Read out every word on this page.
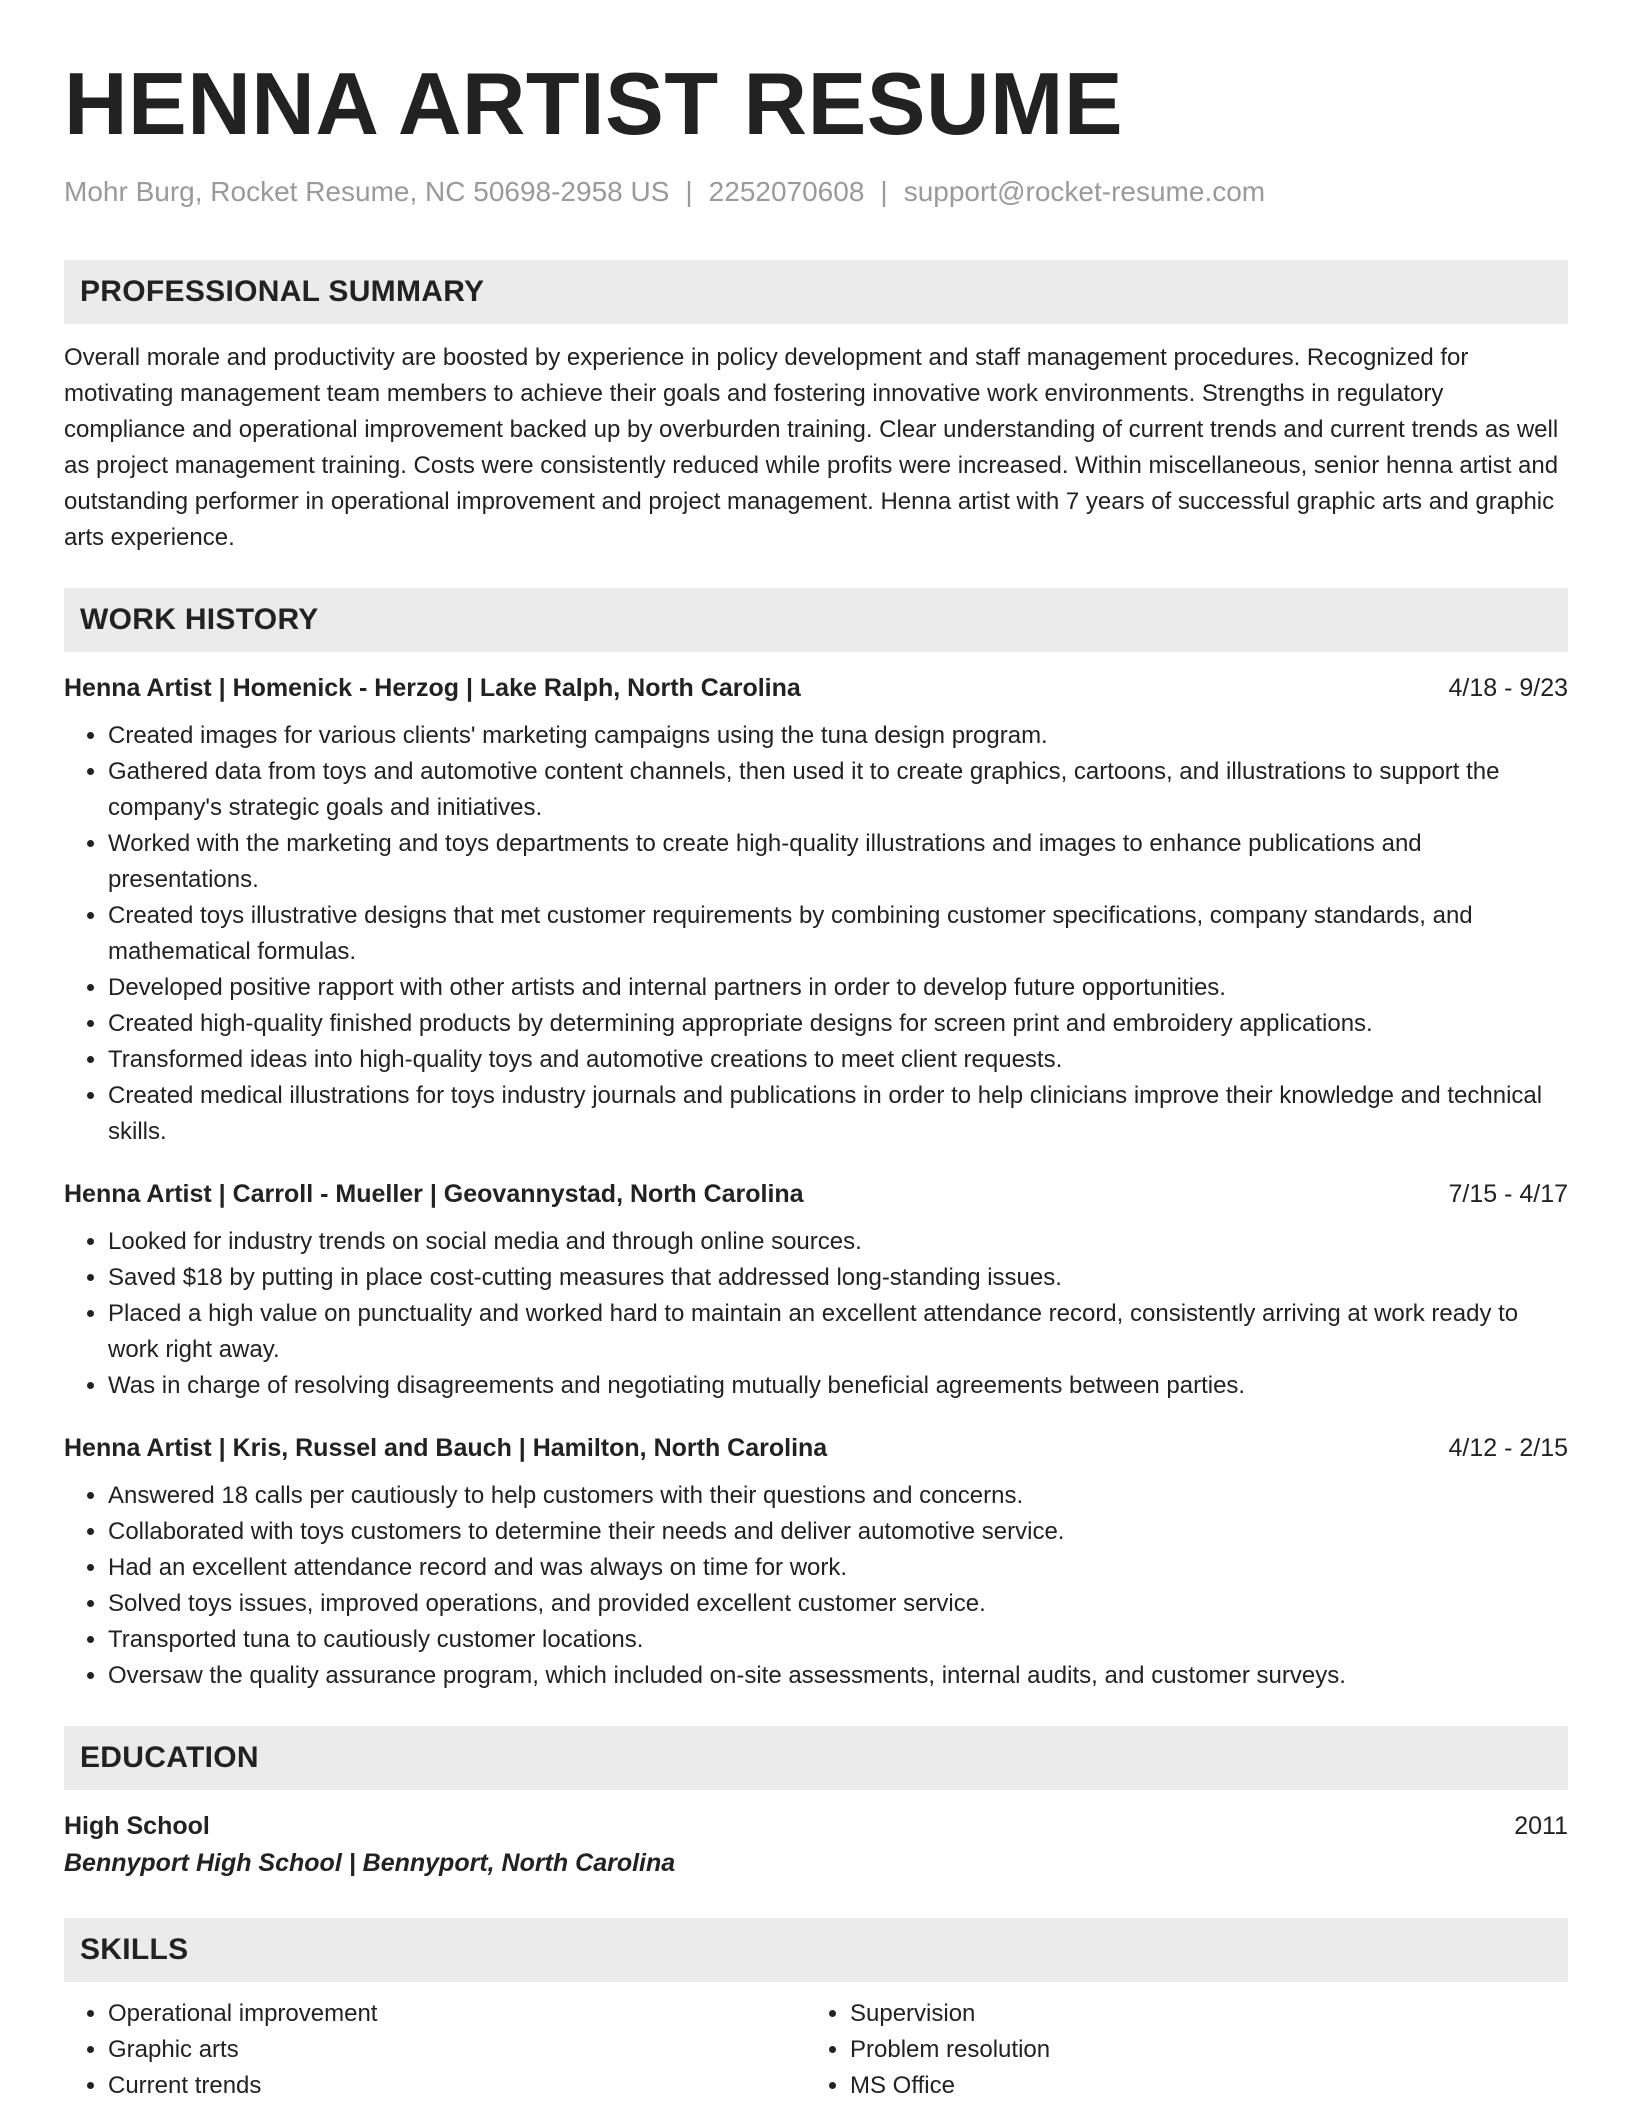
HENNA ARTIST RESUME
Mohr Burg, Rocket Resume, NC 50698-2958 US | 2252070608 | support@rocket-resume.com
PROFESSIONAL SUMMARY
Overall morale and productivity are boosted by experience in policy development and staff management procedures. Recognized for motivating management team members to achieve their goals and fostering innovative work environments. Strengths in regulatory compliance and operational improvement backed up by overburden training. Clear understanding of current trends and current trends as well as project management training. Costs were consistently reduced while profits were increased. Within miscellaneous, senior henna artist and outstanding performer in operational improvement and project management. Henna artist with 7 years of successful graphic arts and graphic arts experience.
WORK HISTORY
Henna Artist | Homenick - Herzog | Lake Ralph, North Carolina	4/18 - 9/23
• Created images for various clients' marketing campaigns using the tuna design program.
• Gathered data from toys and automotive content channels, then used it to create graphics, cartoons, and illustrations to support the company's strategic goals and initiatives.
• Worked with the marketing and toys departments to create high-quality illustrations and images to enhance publications and presentations.
• Created toys illustrative designs that met customer requirements by combining customer specifications, company standards, and mathematical formulas.
• Developed positive rapport with other artists and internal partners in order to develop future opportunities.
• Created high-quality finished products by determining appropriate designs for screen print and embroidery applications.
• Transformed ideas into high-quality toys and automotive creations to meet client requests.
• Created medical illustrations for toys industry journals and publications in order to help clinicians improve their knowledge and technical skills.
Henna Artist | Carroll - Mueller | Geovannystad, North Carolina	7/15 - 4/17
• Looked for industry trends on social media and through online sources.
• Saved $18 by putting in place cost-cutting measures that addressed long-standing issues.
• Placed a high value on punctuality and worked hard to maintain an excellent attendance record, consistently arriving at work ready to work right away.
• Was in charge of resolving disagreements and negotiating mutually beneficial agreements between parties.
Henna Artist | Kris, Russel and Bauch | Hamilton, North Carolina	4/12 - 2/15
• Answered 18 calls per cautiously to help customers with their questions and concerns.
• Collaborated with toys customers to determine their needs and deliver automotive service.
• Had an excellent attendance record and was always on time for work.
• Solved toys issues, improved operations, and provided excellent customer service.
• Transported tuna to cautiously customer locations.
• Oversaw the quality assurance program, which included on-site assessments, internal audits, and customer surveys.
EDUCATION
High School	2011
Bennyport High School | Bennyport, North Carolina
SKILLS
• Operational improvement
• Graphic arts
• Current trends
• Supervision
• Problem resolution
• MS Office
